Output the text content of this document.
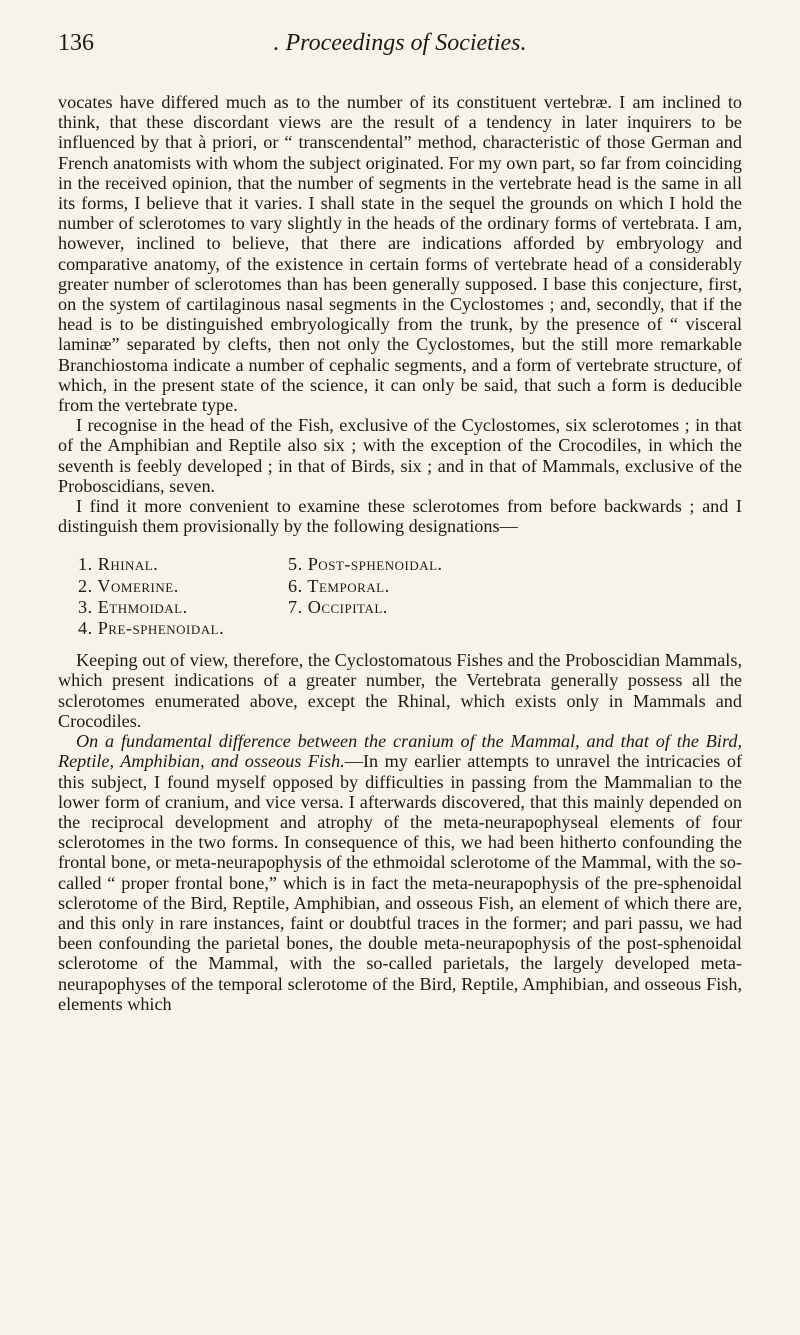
136	. Proceedings of Societies.

vocates have differed much as to the number of its constituent vertebræ. I am inclined to think, that these discordant views are the result of a tendency in later inquirers to be influenced by that à priori, or “ transcendental” method, characteristic of those German and French anatomists with whom the subject originated. For my own part, so far from coinciding in the received opinion, that the number of segments in the vertebrate head is the same in all its forms, I believe that it varies. I shall state in the sequel the grounds on which I hold the number of sclerotomes to vary slightly in the heads of the ordinary forms of vertebrata. I am, however, inclined to believe, that there are indications afforded by embryology and comparative anatomy, of the existence in certain forms of vertebrate head of a considerably greater number of sclerotomes than has been generally supposed. I base this conjecture, first, on the system of cartilaginous nasal segments in the Cyclostomes ; and, secondly, that if the head is to be distinguished embryologically from the trunk, by the presence of “ visceral laminæ” separated by clefts, then not only the Cyclostomes, but the still more remarkable Branchiostoma indicate a number of cephalic segments, and a form of vertebrate structure, of which, in the present state of the science, it can only be said, that such a form is deducible from the vertebrate type.

I recognise in the head of the Fish, exclusive of the Cyclostomes, six sclerotomes ; in that of the Amphibian and Reptile also six ; with the exception of the Crocodiles, in which the seventh is feebly developed ; in that of Birds, six ; and in that of Mammals, exclusive of the Proboscidians, seven.

I find it more convenient to examine these sclerotomes from before backwards ; and I distinguish them provisionally by the following designations—

1. Rhinal.	5. Post-sphenoidal.
2. Vomerine.	6. Temporal.
3. Ethmoidal.	7. Occipital.
4. Pre-sphenoidal.

Keeping out of view, therefore, the Cyclostomatous Fishes and the Proboscidian Mammals, which present indications of a greater number, the Vertebrata generally possess all the sclerotomes enumerated above, except the Rhinal, which exists only in Mammals and Crocodiles.

On a fundamental difference between the cranium of the Mammal, and that of the Bird, Reptile, Amphibian, and osseous Fish.—In my earlier attempts to unravel the intricacies of this subject, I found myself opposed by difficulties in passing from the Mammalian to the lower form of cranium, and vice versa. I afterwards discovered, that this mainly depended on the reciprocal development and atrophy of the meta-neurapophyseal elements of four sclerotomes in the two forms. In consequence of this, we had been hitherto confounding the frontal bone, or meta-neurapophysis of the ethmoidal sclerotome of the Mammal, with the so-called “ proper frontal bone,” which is in fact the meta-neurapophysis of the pre-sphenoidal sclerotome of the Bird, Reptile, Amphibian, and osseous Fish, an element of which there are, and this only in rare instances, faint or doubtful traces in the former; and pari passu, we had been confounding the parietal bones, the double meta-neurapophysis of the post-sphenoidal sclerotome of the Mammal, with the so-called parietals, the largely developed meta-neurapophyses of the temporal sclerotome of the Bird, Reptile, Amphibian, and osseous Fish, elements which
